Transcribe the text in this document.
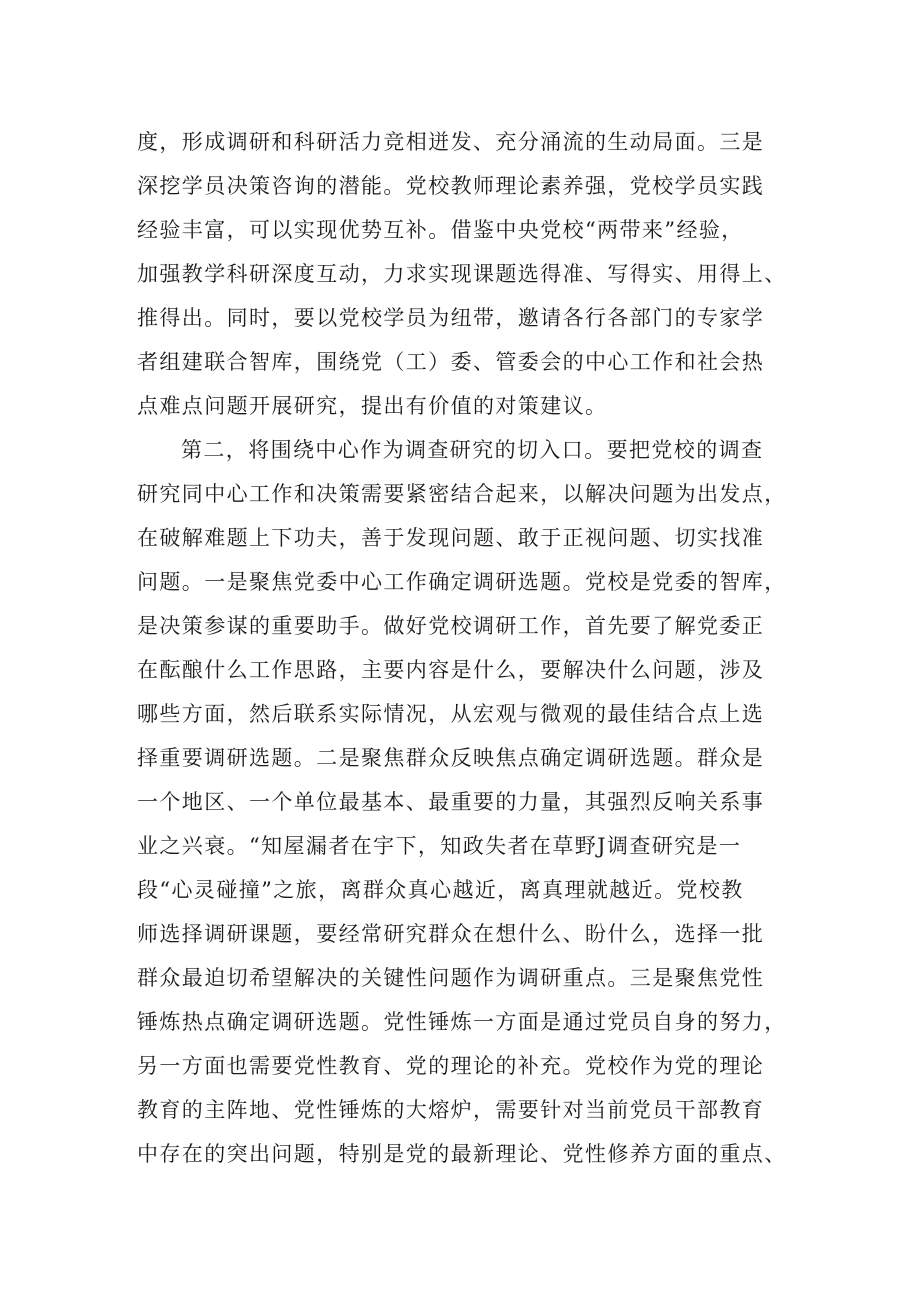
度，形成调研和科研活力竞相迸发、充分涌流的生动局面。三是
深挖学员决策咨询的潜能。党校教师理论素养强，党校学员实践
经验丰富，可以实现优势互补。借鉴中央党校“两带来”经验，
加强教学科研深度互动，力求实现课题选得准、写得实、用得上、
推得出。同时，要以党校学员为纽带，邀请各行各部门的专家学
者组建联合智库，围绕党（工）委、管委会的中心工作和社会热
点难点问题开展研究，提出有价值的对策建议。
第二，将围绕中心作为调查研究的切入口。要把党校的调查
研究同中心工作和决策需要紧密结合起来，以解决问题为出发点，
在破解难题上下功夫，善于发现问题、敢于正视问题、切实找准
问题。一是聚焦党委中心工作确定调研选题。党校是党委的智库，
是决策参谋的重要助手。做好党校调研工作，首先要了解党委正
在酝酿什么工作思路，主要内容是什么，要解决什么问题，涉及
哪些方面，然后联系实际情况，从宏观与微观的最佳结合点上选
择重要调研选题。二是聚焦群众反映焦点确定调研选题。群众是
一个地区、一个单位最基本、最重要的力量，其强烈反响关系事
业之兴衰。“知屋漏者在宇下，知政失者在草野J调查研究是一
段“心灵碰撞”之旅，离群众真心越近，离真理就越近。党校教
师选择调研课题，要经常研究群众在想什么、盼什么，选择一批
群众最迫切希望解决的关键性问题作为调研重点。三是聚焦党性
锤炼热点确定调研选题。党性锤炼一方面是通过党员自身的努力，
另一方面也需要党性教育、党的理论的补充。党校作为党的理论
教育的主阵地、党性锤炼的大熔炉，需要针对当前党员干部教育
中存在的突出问题，特别是党的最新理论、党性修养方面的重点、
